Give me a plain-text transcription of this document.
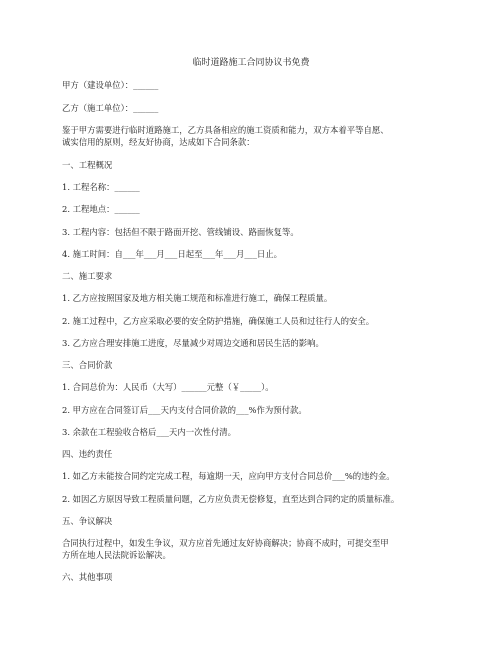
临时道路施工合同协议书免费
甲方（建设单位）：______
乙方（施工单位）：______
鉴于甲方需要进行临时道路施工，乙方具备相应的施工资质和能力，双方本着平等自愿、
诚实信用的原则，经友好协商，达成如下合同条款：
一、工程概况
1. 工程名称：______
2. 工程地点：______
3. 工程内容：包括但不限于路面开挖、管线铺设、路面恢复等。
4. 施工时间：自___年___月___日起至___年___月___日止。
二、施工要求
1. 乙方应按照国家及地方相关施工规范和标准进行施工，确保工程质量。
2. 施工过程中，乙方应采取必要的安全防护措施，确保施工人员和过往行人的安全。
3. 乙方应合理安排施工进度，尽量减少对周边交通和居民生活的影响。
三、合同价款
1. 合同总价为：人民币（大写）______元整（￥_____）。
2. 甲方应在合同签订后___天内支付合同价款的___%作为预付款。
3. 余款在工程验收合格后___天内一次性付清。
四、违约责任
1. 如乙方未能按合同约定完成工程，每逾期一天，应向甲方支付合同总价___%的违约金。
2. 如因乙方原因导致工程质量问题，乙方应负责无偿修复，直至达到合同约定的质量标准。
五、争议解决
合同执行过程中，如发生争议，双方应首先通过友好协商解决；协商不成时，可提交至甲
方所在地人民法院诉讼解决。
六、其他事项
